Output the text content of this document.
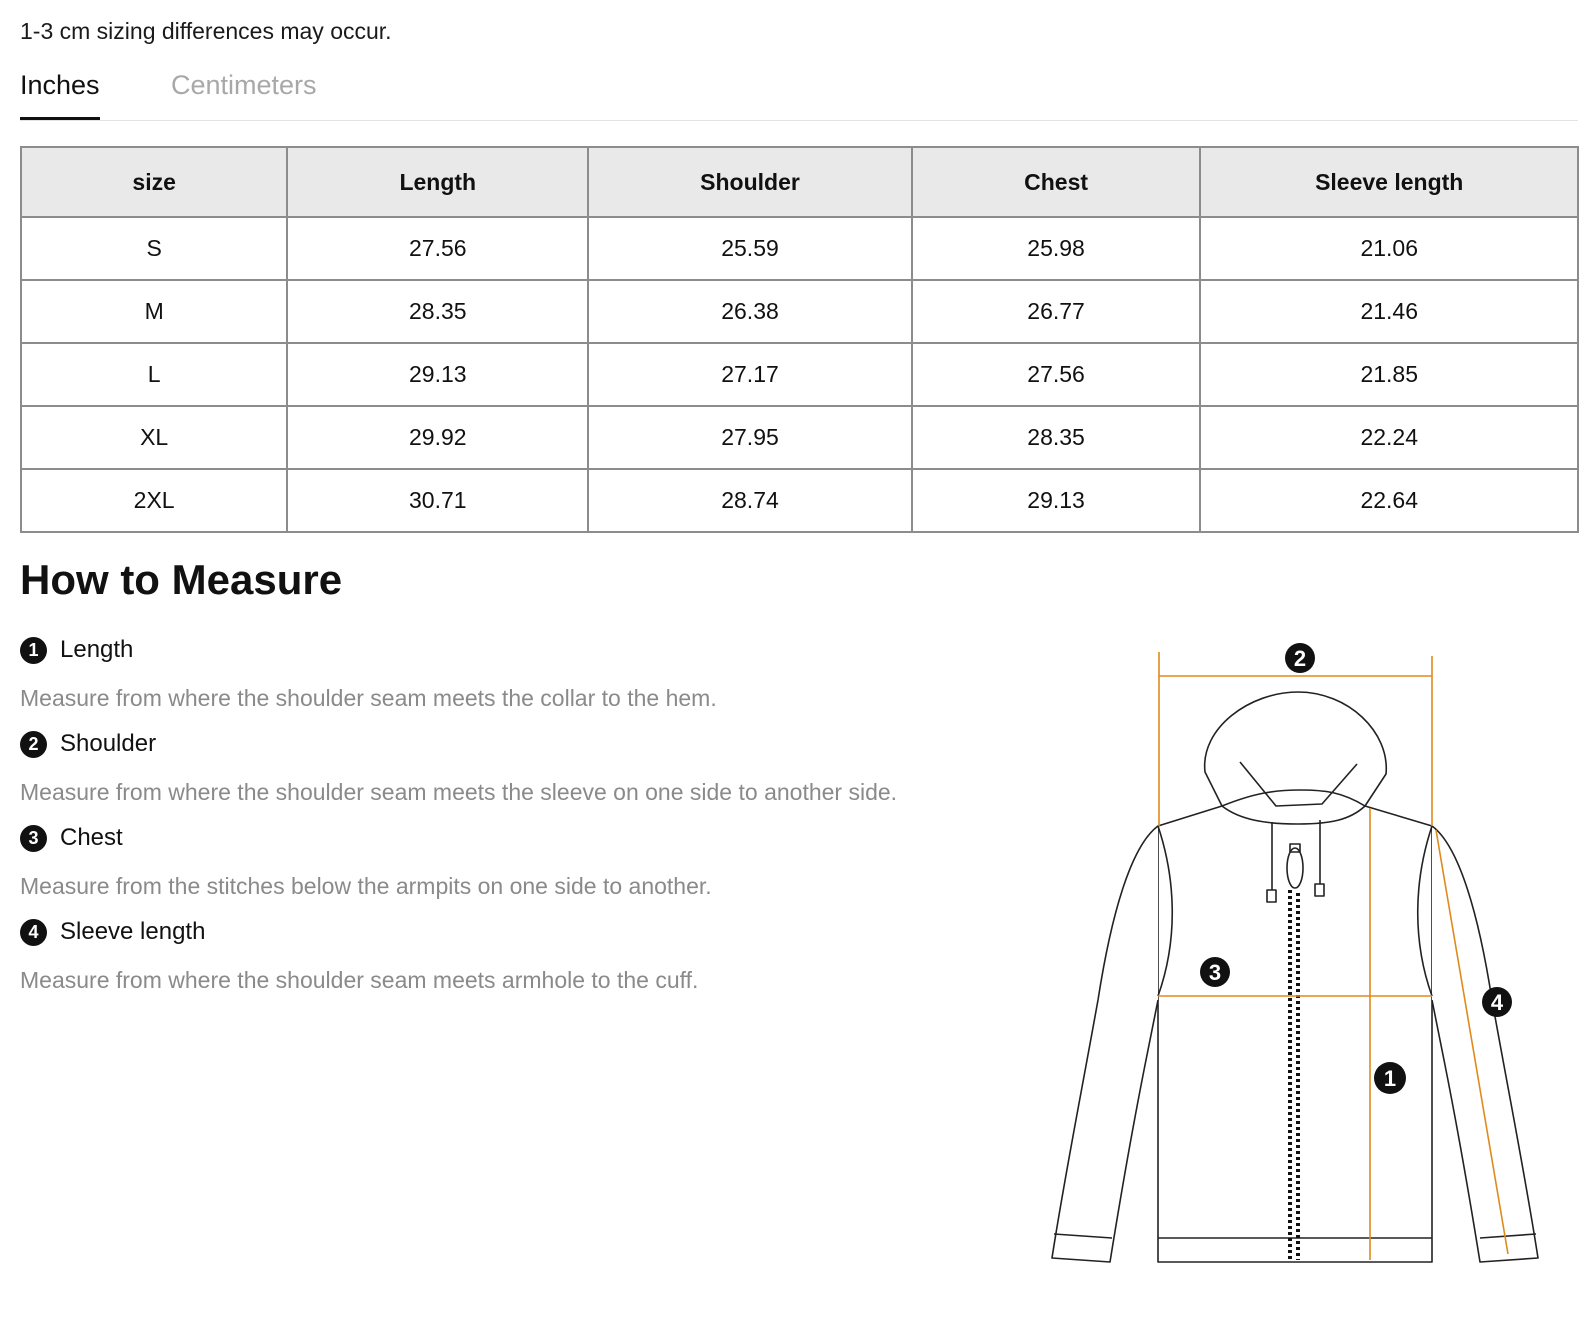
1-3 cm sizing differences may occur.
Inches	Centimeters
size	Length	Shoulder	Chest	Sleeve length
S	27.56	25.59	25.98	21.06
M	28.35	26.38	26.77	21.46
L	29.13	27.17	27.56	21.85
XL	29.92	27.95	28.35	22.24
2XL	30.71	28.74	29.13	22.64
How to Measure
1 Length
Measure from where the shoulder seam meets the collar to the hem.
2 Shoulder
Measure from where the shoulder seam meets the sleeve on one side to another side.
3 Chest
Measure from the stitches below the armpits on one side to another.
4 Sleeve length
Measure from where the shoulder seam meets armhole to the cuff.
2
3
4
1
